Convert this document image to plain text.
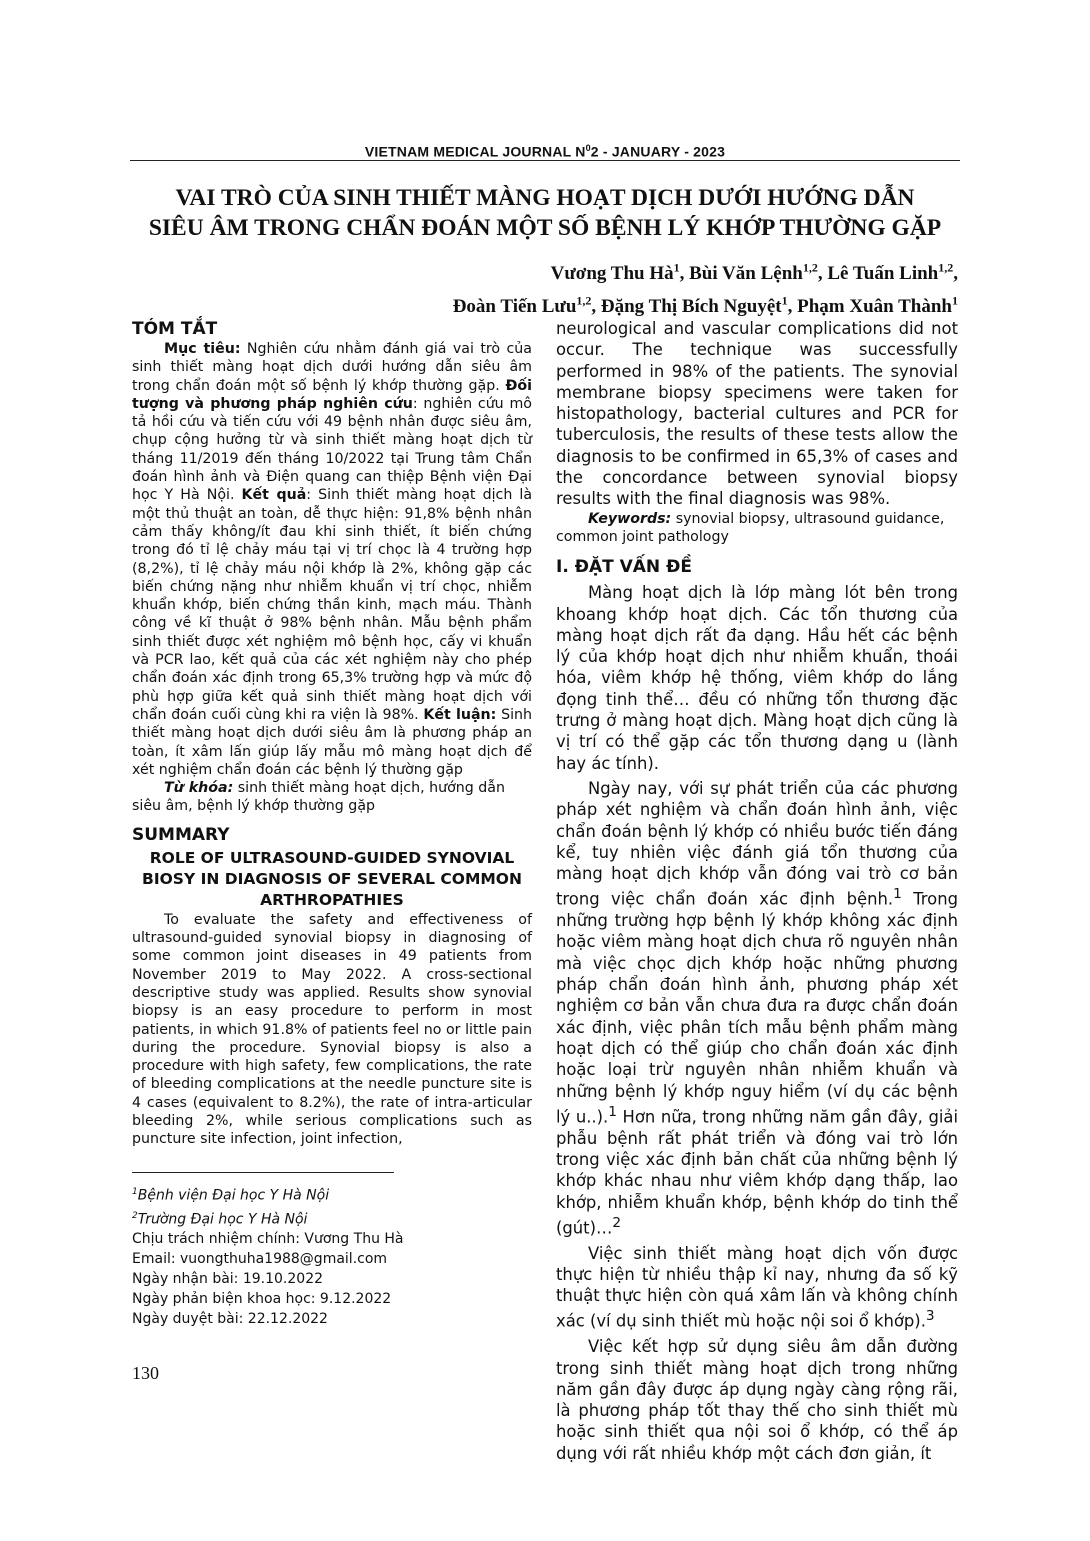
VIETNAM MEDICAL JOURNAL $N^02$ - JANUARY - 2023
VAI TRÒ CỦA SINH THIẾT MÀNG HOẠT DỊCH DƯỚI HƯỚNG DẪN
SIÊU ÂM TRONG CHẨN ĐOÁN MỘT SỐ BỆNH LÝ KHỚP THƯỜNG GẶP
Vương Thu $Hà^1$, Bùi Văn Lệnh$^{1,2}$, Lê Tuấn Linh$^{1,2}$,
Đoàn Tiến Lưu$^{1,2}$, Đặng Thị Bích Nguyệt$^1$, Phạm Xuân Thành$^1$
TÓM TẮT

Mục tiêu: Nghiên cứu nhằm đánh giá vai trò của sinh thiết màng hoạt dịch dưới hướng dẫn siêu âm trong chẩn đoán một số bệnh lý khớp thường gặp. Đối tượng và phương pháp nghiên cứu: nghiên cứu mô tả hồi cứu và tiến cứu với 49 bệnh nhân được siêu âm, chụp cộng hưởng từ và sinh thiết màng hoạt dịch từ tháng 11/2019 đến tháng 10/2022 tại Trung tâm Chẩn đoán hình ảnh và Điện quang can thiệp Bệnh viện Đại học Y Hà Nội. Kết quả: Sinh thiết màng hoạt dịch là một thủ thuật an toàn, dễ thực hiện: 91,8% bệnh nhân cảm thấy không/ít đau khi sinh thiết, ít biến chứng trong đó tỉ lệ chảy máu tại vị trí chọc là 4 trường hợp (8,2%), tỉ lệ chảy máu nội khớp là 2%, không gặp các biến chứng nặng như nhiễm khuẩn vị trí chọc, nhiễm khuẩn khớp, biến chứng thần kinh, mạch máu. Thành công về kĩ thuật ở 98% bệnh nhân. Mẫu bệnh phẩm sinh thiết được xét nghiệm mô bệnh học, cấy vi khuẩn và PCR lao, kết quả của các xét nghiệm này cho phép chẩn đoán xác định trong 65,3% trường hợp và mức độ phù hợp giữa kết quả sinh thiết màng hoạt dịch với chẩn đoán cuối cùng khi ra viện là 98%. Kết luận: Sinh thiết màng hoạt dịch dưới siêu âm là phương pháp an toàn, ít xâm lấn giúp lấy mẫu mô màng hoạt dịch để xét nghiệm chẩn đoán các bệnh lý thường gặp

Từ khóa: sinh thiết màng hoạt dịch, hướng dẫn siêu âm, bệnh lý khớp thường gặp

SUMMARY
ROLE OF ULTRASOUND-GUIDED SYNOVIAL BIOSY IN DIAGNOSIS OF SEVERAL COMMON ARTHROPATHIES

To evaluate the safety and effectiveness of ultrasound-guided synovial biopsy in diagnosing of some common joint diseases in 49 patients from November 2019 to May 2022. A cross-sectional descriptive study was applied. Results show synovial biopsy is an easy procedure to perform in most patients, in which 91.8% of patients feel no or little pain during the procedure. Synovial biopsy is also a procedure with high safety, few complications, the rate of bleeding complications at the needle puncture site is 4 cases (equivalent to 8.2%), the rate of intra-articular bleeding 2%, while serious complications such as puncture site infection, joint infection,

$^1$Bệnh viện Đại học Y Hà Nội
$^2$Trường Đại học Y Hà Nội
Chịu trách nhiệm chính: Vương Thu Hà
Email: vuongthuha1988@gmail.com
Ngày nhận bài: 19.10.2022
Ngày phản biện khoa học: 9.12.2022
Ngày duyệt bài: 22.12.2022

neurological and vascular complications did not occur. The technique was successfully performed in 98% of the patients. The synovial membrane biopsy specimens were taken for histopathology, bacterial cultures and PCR for tuberculosis, the results of these tests allow the diagnosis to be confirmed in 65,3% of cases and the concordance between synovial biopsy results with the final diagnosis was 98%.

Keywords: synovial biopsy, ultrasound guidance, common joint pathology

I. ĐẶT VẤN ĐỀ

Màng hoạt dịch là lớp màng lót bên trong khoang khớp hoạt dịch. Các tổn thương của màng hoạt dịch rất đa dạng. Hầu hết các bệnh lý của khớp hoạt dịch như nhiễm khuẩn, thoái hóa, viêm khớp hệ thống, viêm khớp do lắng đọng tinh thể… đều có những tổn thương đặc trưng ở màng hoạt dịch. Màng hoạt dịch cũng là vị trí có thể gặp các tổn thương dạng u (lành hay ác tính).

Ngày nay, với sự phát triển của các phương pháp xét nghiệm và chẩn đoán hình ảnh, việc chẩn đoán bệnh lý khớp có nhiều bước tiến đáng kể, tuy nhiên việc đánh giá tổn thương của màng hoạt dịch khớp vẫn đóng vai trò cơ bản trong việc chẩn đoán xác định bệnh.$^1$ Trong những trường hợp bệnh lý khớp không xác định hoặc viêm màng hoạt dịch chưa rõ nguyên nhân mà việc chọc dịch khớp hoặc những phương pháp chẩn đoán hình ảnh, phương pháp xét nghiệm cơ bản vẫn chưa đưa ra được chẩn đoán xác định, việc phân tích mẫu bệnh phẩm màng hoạt dịch có thể giúp cho chẩn đoán xác định hoặc loại trừ nguyên nhân nhiễm khuẩn và những bệnh lý khớp nguy hiểm (ví dụ các bệnh lý u..).$^1$ Hơn nữa, trong những năm gần đây, giải phẫu bệnh rất phát triển và đóng vai trò lớn trong việc xác định bản chất của những bệnh lý khớp khác nhau như viêm khớp dạng thấp, lao khớp, nhiễm khuẩn khớp, bệnh khớp do tinh thể (gút)…$^2$

Việc sinh thiết màng hoạt dịch vốn được thực hiện từ nhiều thập kỉ nay, nhưng đa số kỹ thuật thực hiện còn quá xâm lấn và không chính xác (ví dụ sinh thiết mù hoặc nội soi ổ khớp).$^3$

Việc kết hợp sử dụng siêu âm dẫn đường trong sinh thiết màng hoạt dịch trong những năm gần đây được áp dụng ngày càng rộng rãi, là phương pháp tốt thay thế cho sinh thiết mù hoặc sinh thiết qua nội soi ổ khớp, có thể áp dụng với rất nhiều khớp một cách đơn giản, ít

130
